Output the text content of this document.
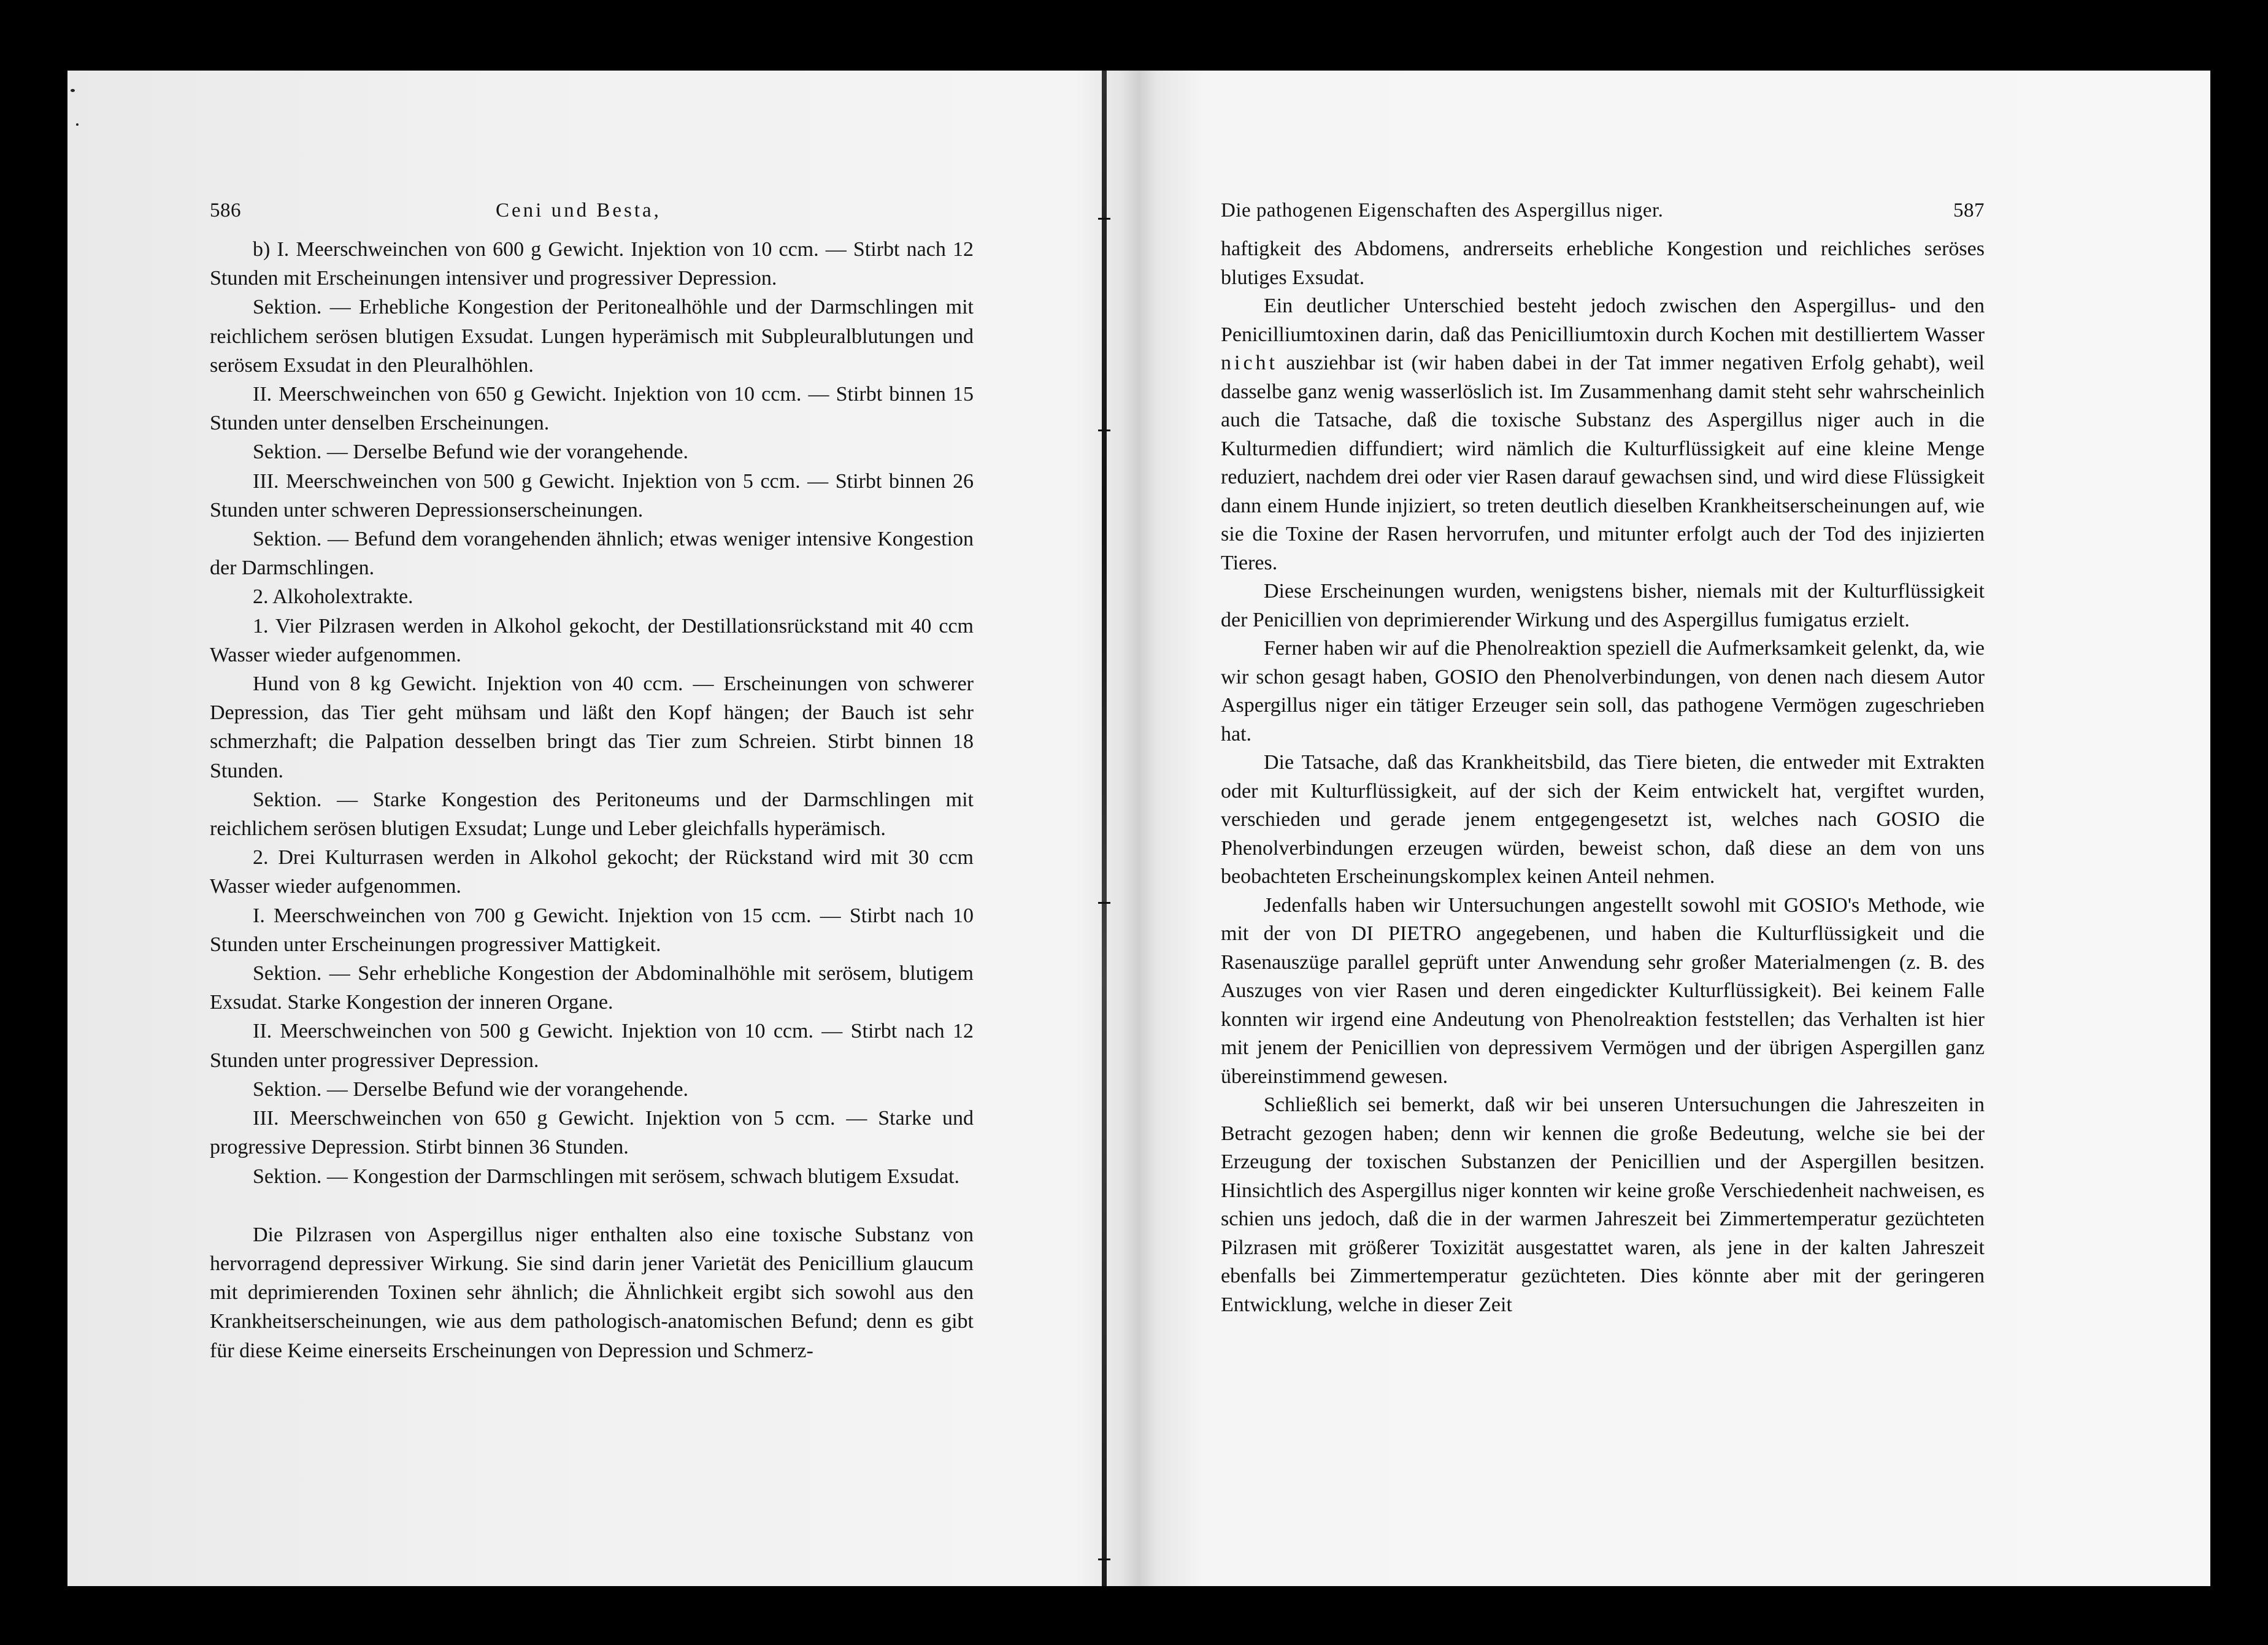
586	Ceni und Besta,

b) I. Meerschweinchen von 600 g Gewicht. Injektion von 10 ccm. — Stirbt nach 12 Stunden mit Erscheinungen intensiver und progressiver Depression.

Sektion. — Erhebliche Kongestion der Peritonealhöhle und der Darmschlingen mit reichlichem serösen blutigen Exsudat. Lungen hyperämisch mit Subpleuralblutungen und serösem Exsudat in den Pleuralhöhlen.

II. Meerschweinchen von 650 g Gewicht. Injektion von 10 ccm. — Stirbt binnen 15 Stunden unter denselben Erscheinungen.

Sektion. — Derselbe Befund wie der vorangehende.

III. Meerschweinchen von 500 g Gewicht. Injektion von 5 ccm. — Stirbt binnen 26 Stunden unter schweren Depressionserscheinungen.

Sektion. — Befund dem vorangehenden ähnlich; etwas weniger intensive Kongestion der Darmschlingen.

2. Alkoholextrakte.

1. Vier Pilzrasen werden in Alkohol gekocht, der Destillationsrückstand mit 40 ccm Wasser wieder aufgenommen.

Hund von 8 kg Gewicht. Injektion von 40 ccm. — Erscheinungen von schwerer Depression, das Tier geht mühsam und läßt den Kopf hängen; der Bauch ist sehr schmerzhaft; die Palpation desselben bringt das Tier zum Schreien. Stirbt binnen 18 Stunden.

Sektion. — Starke Kongestion des Peritoneums und der Darmschlingen mit reichlichem serösen blutigen Exsudat; Lunge und Leber gleichfalls hyperämisch.

2. Drei Kulturrasen werden in Alkohol gekocht; der Rückstand wird mit 30 ccm Wasser wieder aufgenommen.

I. Meerschweinchen von 700 g Gewicht. Injektion von 15 ccm. — Stirbt nach 10 Stunden unter Erscheinungen progressiver Mattigkeit.

Sektion. — Sehr erhebliche Kongestion der Abdominalhöhle mit serösem, blutigem Exsudat. Starke Kongestion der inneren Organe.

II. Meerschweinchen von 500 g Gewicht. Injektion von 10 ccm. — Stirbt nach 12 Stunden unter progressiver Depression.

Sektion. — Derselbe Befund wie der vorangehende.

III. Meerschweinchen von 650 g Gewicht. Injektion von 5 ccm. — Starke und progressive Depression. Stirbt binnen 36 Stunden.

Sektion. — Kongestion der Darmschlingen mit serösem, schwach blutigem Exsudat.

Die Pilzrasen von Aspergillus niger enthalten also eine toxische Substanz von hervorragend depressiver Wirkung. Sie sind darin jener Varietät des Penicillium glaucum mit deprimierenden Toxinen sehr ähnlich; die Ähnlichkeit ergibt sich sowohl aus den Krankheitserscheinungen, wie aus dem pathologisch-anatomischen Befund; denn es gibt für diese Keime einerseits Erscheinungen von Depression und Schmerz-

Die pathogenen Eigenschaften des Aspergillus niger.	587

haftigkeit des Abdomens, andrerseits erhebliche Kongestion und reichliches seröses blutiges Exsudat.

Ein deutlicher Unterschied besteht jedoch zwischen den Aspergillus- und den Penicilliumtoxinen darin, daß das Penicilliumtoxin durch Kochen mit destilliertem Wasser nicht ausziehbar ist (wir haben dabei in der Tat immer negativen Erfolg gehabt), weil dasselbe ganz wenig wasserlöslich ist. Im Zusammenhang damit steht sehr wahrscheinlich auch die Tatsache, daß die toxische Substanz des Aspergillus niger auch in die Kulturmedien diffundiert; wird nämlich die Kulturflüssigkeit auf eine kleine Menge reduziert, nachdem drei oder vier Rasen darauf gewachsen sind, und wird diese Flüssigkeit dann einem Hunde injiziert, so treten deutlich dieselben Krankheitserscheinungen auf, wie sie die Toxine der Rasen hervorrufen, und mitunter erfolgt auch der Tod des injizierten Tieres.

Diese Erscheinungen wurden, wenigstens bisher, niemals mit der Kulturflüssigkeit der Penicillien von deprimierender Wirkung und des Aspergillus fumigatus erzielt.

Ferner haben wir auf die Phenolreaktion speziell die Aufmerksamkeit gelenkt, da, wie wir schon gesagt haben, GOSIO den Phenolverbindungen, von denen nach diesem Autor Aspergillus niger ein tätiger Erzeuger sein soll, das pathogene Vermögen zugeschrieben hat.

Die Tatsache, daß das Krankheitsbild, das Tiere bieten, die entweder mit Extrakten oder mit Kulturflüssigkeit, auf der sich der Keim entwickelt hat, vergiftet wurden, verschieden und gerade jenem entgegengesetzt ist, welches nach GOSIO die Phenolverbindungen erzeugen würden, beweist schon, daß diese an dem von uns beobachteten Erscheinungskomplex keinen Anteil nehmen.

Jedenfalls haben wir Untersuchungen angestellt sowohl mit GOSIO's Methode, wie mit der von DI PIETRO angegebenen, und haben die Kulturflüssigkeit und die Rasenauszüge parallel geprüft unter Anwendung sehr großer Materialmengen (z. B. des Auszuges von vier Rasen und deren eingedickter Kulturflüssigkeit). Bei keinem Falle konnten wir irgend eine Andeutung von Phenolreaktion feststellen; das Verhalten ist hier mit jenem der Penicillien von depressivem Vermögen und der übrigen Aspergillen ganz übereinstimmend gewesen.

Schließlich sei bemerkt, daß wir bei unseren Untersuchungen die Jahreszeiten in Betracht gezogen haben; denn wir kennen die große Bedeutung, welche sie bei der Erzeugung der toxischen Substanzen der Penicillien und der Aspergillen besitzen. Hinsichtlich des Aspergillus niger konnten wir keine große Verschiedenheit nachweisen, es schien uns jedoch, daß die in der warmen Jahreszeit bei Zimmertemperatur gezüchteten Pilzrasen mit größerer Toxizität ausgestattet waren, als jene in der kalten Jahreszeit ebenfalls bei Zimmertemperatur gezüchteten. Dies könnte aber mit der geringeren Entwicklung, welche in dieser Zeit
